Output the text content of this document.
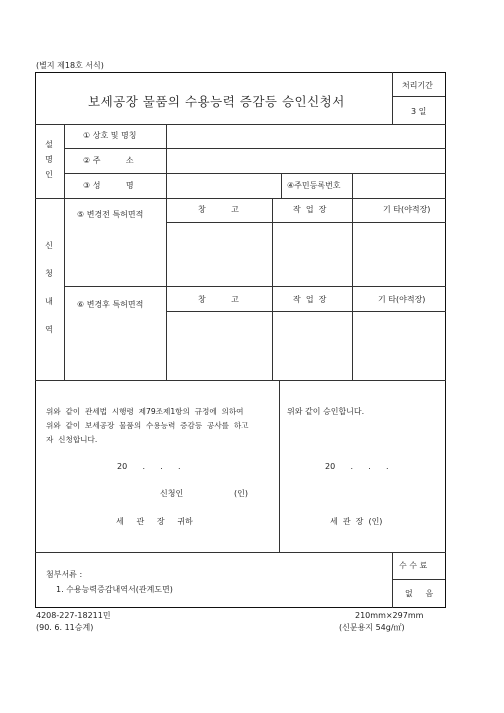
(별지 제18호 서식)
보세공장 물품의 수용능력 증감등 승인신청서
처리기간
3 일
설
명
인
① 상호 및 명칭
② 주          소
③ 성          명	④주민등록번호
신
청
내
역
⑤ 변경전 특허면적
⑥ 변경후 특허면적
창          고	작  업  장	기 타(야적장)
창          고	작  업  장	기 타(야적장)
위와  같이  관세법  시행령  제79조제1항의  규정에  의하여
위와  같이  보세공장  물품의  수용능력  증감등  공사를  하고
자  신청합니다.
20      .      .      .
신청인                    (인)
세     관     장     귀하
위와 같이 승인합니다.
20      .      .      .
세  관  장  (인)
첨부서류 :
1. 수용능력증감내역서(관계도면)
수 수 료
없     음
4208-227-18211민
(90. 6. 11승계)
210mm×297mm
(신문용지 54g/㎡)
